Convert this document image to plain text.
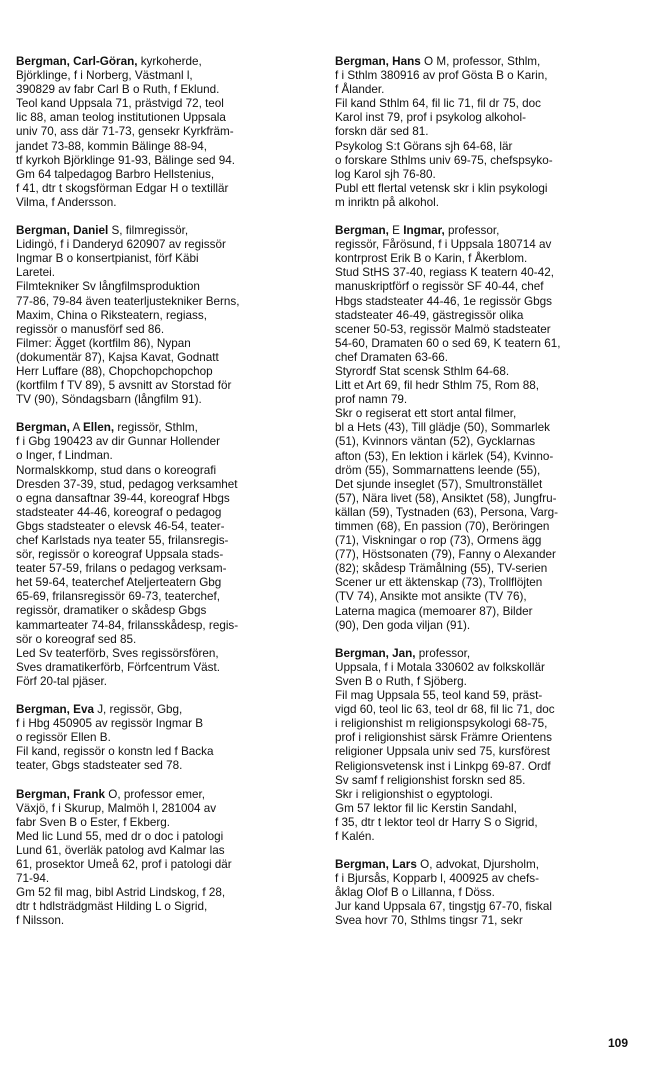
Bergman, Carl-Göran, kyrkoherde,
Björklinge, f i Norberg, Västmanl l,
390829 av fabr Carl B o Ruth, f Eklund.
Teol kand Uppsala 71, prästvigd 72, teol
lic 88, aman teolog institutionen Uppsala
univ 70, ass där 71-73, gensekr Kyrkfräm-
jandet 73-88, kommin Bälinge 88-94,
tf kyrkoh Björklinge 91-93, Bälinge sed 94.
Gm 64 talpedagog Barbro Hellstenius,
f 41, dtr t skogsförman Edgar H o textillär
Vilma, f Andersson.
Bergman, Daniel S, filmregissör,
Lidingö, f i Danderyd 620907 av regissör
Ingmar B o konsertpianist, förf Käbi
Laretei.
Filmtekniker Sv långfilmsproduktion
77-86, 79-84 även teaterljustekniker Berns,
Maxim, China o Riksteatern, regiass,
regissör o manusförf sed 86.
Filmer: Ägget (kortfilm 86), Nypan
(dokumentär 87), Kajsa Kavat, Godnatt
Herr Luffare (88), Chopchopchopchop
(kortfilm f TV 89), 5 avsnitt av Storstad för
TV (90), Söndagsbarn (långfilm 91).
Bergman, A Ellen, regissör, Sthlm,
f i Gbg 190423 av dir Gunnar Hollender
o Inger, f Lindman.
Normalskkomp, stud dans o koreografi
Dresden 37-39, stud, pedagog verksamhet
o egna dansaftnar 39-44, koreograf Hbgs
stadsteater 44-46, koreograf o pedagog
Gbgs stadsteater o elevsk 46-54, teater-
chef Karlstads nya teater 55, frilansregis-
sör, regissör o koreograf Uppsala stads-
teater 57-59, frilans o pedagog verksam-
het 59-64, teaterchef Ateljerteatern Gbg
65-69, frilansregissör 69-73, teaterchef,
regissör, dramatiker o skådesp Gbgs
kammarteater 74-84, frilansskådesp, regis-
sör o koreograf sed 85.
Led Sv teaterförb, Sves regissörsfören,
Sves dramatikerförb, Förfcentrum Väst.
Förf 20-tal pjäser.
Bergman, Eva J, regissör, Gbg,
f i Hbg 450905 av regissör Ingmar B
o regissör Ellen B.
Fil kand, regissör o konstn led f Backa
teater, Gbgs stadsteater sed 78.
Bergman, Frank O, professor emer,
Växjö, f i Skurup, Malmöh l, 281004 av
fabr Sven B o Ester, f Ekberg.
Med lic Lund 55, med dr o doc i patologi
Lund 61, överläk patolog avd Kalmar las
61, prosektor Umeå 62, prof i patologi där
71-94.
Gm 52 fil mag, bibl Astrid Lindskog, f 28,
dtr t hdlsträdgmäst Hilding L o Sigrid,
f Nilsson.
Bergman, Hans O M, professor, Sthlm,
f i Sthlm 380916 av prof Gösta B o Karin,
f Ålander.
Fil kand Sthlm 64, fil lic 71, fil dr 75, doc
Karol inst 79, prof i psykolog alkohol-
forskn där sed 81.
Psykolog S:t Görans sjh 64-68, lär
o forskare Sthlms univ 69-75, chefspsyko-
log Karol sjh 76-80.
Publ ett flertal vetensk skr i klin psykologi
m inriktn på alkohol.
Bergman, E Ingmar, professor,
regissör, Fårösund, f i Uppsala 180714 av
kontrprost Erik B o Karin, f Åkerblom.
Stud StHS 37-40, regiass K teatern 40-42,
manuskriptförf o regissör SF 40-44, chef
Hbgs stadsteater 44-46, 1e regissör Gbgs
stadsteater 46-49, gästregissör olika
scener 50-53, regissör Malmö stadsteater
54-60, Dramaten 60 o sed 69, K teatern 61,
chef Dramaten 63-66.
Styrordf Stat scensk Sthlm 64-68.
Litt et Art 69, fil hedr Sthlm 75, Rom 88,
prof namn 79.
Skr o regiserat ett stort antal filmer,
bl a Hets (43), Till glädje (50), Sommarlek
(51), Kvinnors väntan (52), Gycklarnas
afton (53), En lektion i kärlek (54), Kvinno-
dröm (55), Sommarnattens leende (55),
Det sjunde inseglet (57), Smultronstället
(57), Nära livet (58), Ansiktet (58), Jungfru-
källan (59), Tystnaden (63), Persona, Varg-
timmen (68), En passion (70), Beröringen
(71), Viskningar o rop (73), Ormens ägg
(77), Höstsonaten (79), Fanny o Alexander
(82); skådesp Trämålning (55), TV-serien
Scener ur ett äktenskap (73), Trollflöjten
(TV 74), Ansikte mot ansikte (TV 76),
Laterna magica (memoarer 87), Bilder
(90), Den goda viljan (91).
Bergman, Jan, professor,
Uppsala, f i Motala 330602 av folkskollär
Sven B o Ruth, f Sjöberg.
Fil mag Uppsala 55, teol kand 59, präst-
vigd 60, teol lic 63, teol dr 68, fil lic 71, doc
i religionshist m religionspsykologi 68-75,
prof i religionshist särsk Främre Orientens
religioner Uppsala univ sed 75, kursförest
Religionsvetensk inst i Linkpg 69-87. Ordf
Sv samf f religionshist forskn sed 85.
Skr i religionshist o egyptologi.
Gm 57 lektor fil lic Kerstin Sandahl,
f 35, dtr t lektor teol dr Harry S o Sigrid,
f Kalén.
Bergman, Lars O, advokat, Djursholm,
f i Bjursås, Kopparb l, 400925 av chefs-
åklag Olof B o Lillanna, f Döss.
Jur kand Uppsala 67, tingstjg 67-70, fiskal
Svea hovr 70, Sthlms tingsr 71, sekr
109
